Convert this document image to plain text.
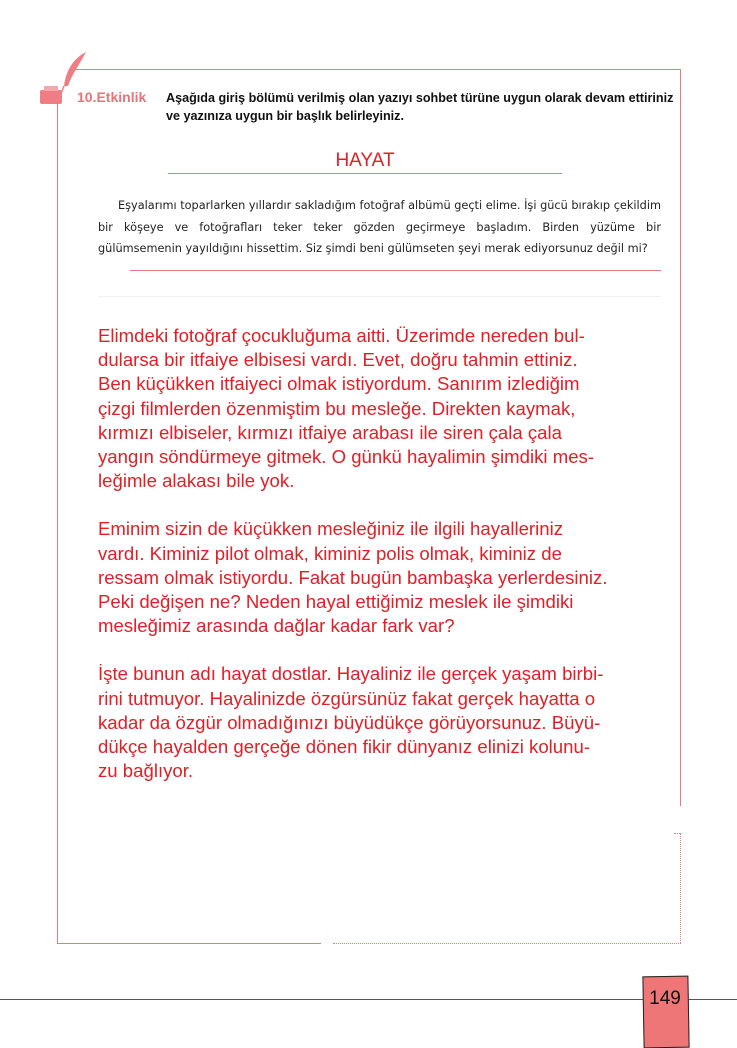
10.Etkinlik Aşağıda giriş bölümü verilmiş olan yazıyı sohbet türüne uygun olarak devam ettiriniz ve yazınıza uygun bir başlık belirleyiniz.
HAYAT
Eşyalarımı toparlarken yıllardır sakladığım fotoğraf albümü geçti elime. İşi gücü bırakıp çekildim bir köşeye ve fotoğrafları teker teker gözden geçirmeye başladım. Birden yüzüme bir gülümsemenin yayıldığını hissettim. Siz şimdi beni gülümseten şeyi merak ediyorsunuz değil mi?

Elimdeki fotoğraf çocukluğuma aitti. Üzerimde nereden bul-
dularsa bir itfaiye elbisesi vardı. Evet, doğru tahmin ettiniz.
Ben küçükken itfaiyeci olmak istiyordum. Sanırım izlediğim
çizgi filmlerden özenmiştim bu mesleğe. Direkten kaymak,
kırmızı elbiseler, kırmızı itfaiye arabası ile siren çala çala
yangın söndürmeye gitmek. O günkü hayalimin şimdiki mes-
leğimle alakası bile yok.

Eminim sizin de küçükken mesleğiniz ile ilgili hayalleriniz
vardı. Kiminiz pilot olmak, kiminiz polis olmak, kiminiz de
ressam olmak istiyordu. Fakat bugün bambaşka yerlerdesiniz.
Peki değişen ne? Neden hayal ettiğimiz meslek ile şimdiki
mesleğimiz arasında dağlar kadar fark var?

İşte bunun adı hayat dostlar. Hayaliniz ile gerçek yaşam birbi-
rini tutmuyor. Hayalinizde özgürsünüz fakat gerçek hayatta o
kadar da özgür olmadığınızı büyüdükçe görüyorsunuz. Büyü-
dükçe hayalden gerçeğe dönen fikir dünyanız elinizi kolunu-
zu bağlıyor.

149
